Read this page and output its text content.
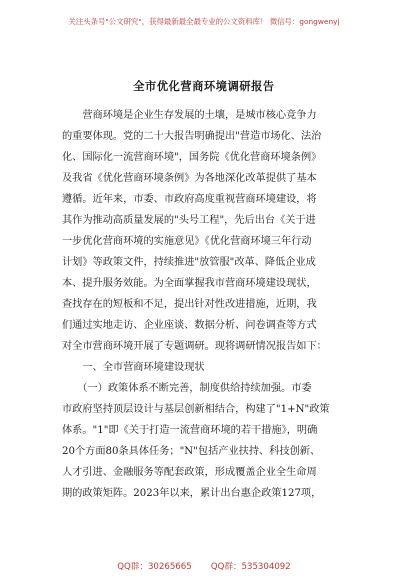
关注头条号"公文研究"，获得最新最全最专业的公文资料库！ 微信号：gongwenyj
全市优化营商环境调研报告
　　营商环境是企业生存发展的土壤，是城市核心竞争力
的重要体现。党的二十大报告明确提出"营造市场化、法治
化、国际化一流营商环境"，国务院《优化营商环境条例》
及我省《优化营商环境条例》为各地深化改革提供了基本
遵循。近年来，市委、市政府高度重视营商环境建设，将
其作为推动高质量发展的"头号工程"，先后出台《关于进
一步优化营商环境的实施意见》《优化营商环境三年行动
计划》等政策文件，持续推进"放管服"改革、降低企业成
本、提升服务效能。为全面掌握我市营商环境建设现状，
查找存在的短板和不足，提出针对性改进措施，近期，我
们通过实地走访、企业座谈、数据分析、问卷调查等方式
对全市营商环境开展了专题调研。现将调研情况报告如下：
　　一、全市营商环境建设现状
　　（一）政策体系不断完善，制度供给持续加强。市委
市政府坚持顶层设计与基层创新相结合，构建了"1+N"政策
体系。"1"即《关于打造一流营商环境的若干措施》，明确
20个方面80条具体任务；"N"包括产业扶持、科技创新、
人才引进、金融服务等配套政策，形成覆盖企业全生命周
期的政策矩阵。2023年以来，累计出台惠企政策127项，
QQ群：30265665       QQ群：535304092
